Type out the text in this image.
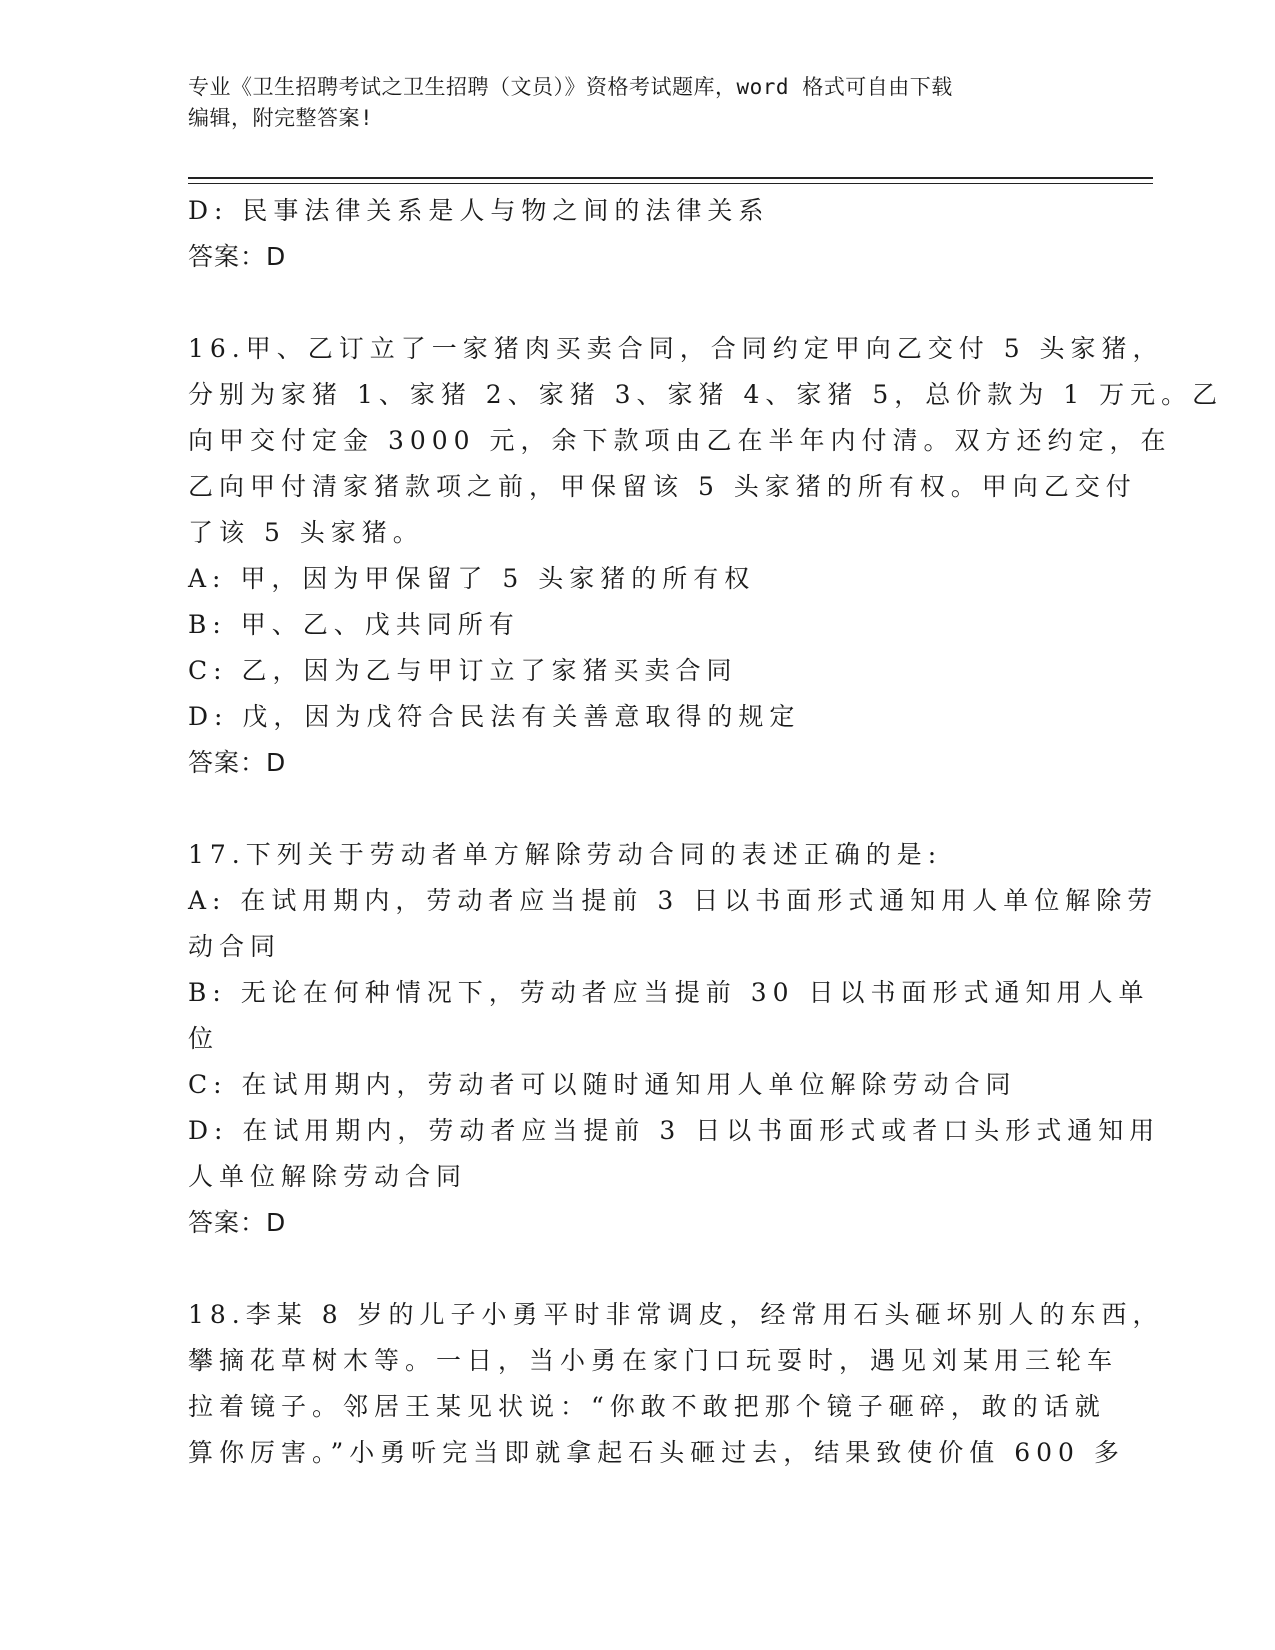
专业《卫生招聘考试之卫生招聘（文员）》资格考试题库，word 格式可自由下载
编辑，附完整答案!
D: 民事法律关系是人与物之间的法律关系
答案：D
16.甲、乙订立了一家猪肉买卖合同，合同约定甲向乙交付 5 头家猪，
分别为家猪 1、家猪 2、家猪 3、家猪 4、家猪 5，总价款为 1 万元。乙
向甲交付定金 3000 元，余下款项由乙在半年内付清。双方还约定，在
乙向甲付清家猪款项之前，甲保留该 5 头家猪的所有权。甲向乙交付
了该 5 头家猪。
A: 甲，因为甲保留了 5 头家猪的所有权
B: 甲、乙、戊共同所有
C: 乙，因为乙与甲订立了家猪买卖合同
D: 戊，因为戊符合民法有关善意取得的规定
答案：D
17.下列关于劳动者单方解除劳动合同的表述正确的是:
A: 在试用期内，劳动者应当提前 3 日以书面形式通知用人单位解除劳
动合同
B: 无论在何种情况下，劳动者应当提前 30 日以书面形式通知用人单
位
C: 在试用期内，劳动者可以随时通知用人单位解除劳动合同
D: 在试用期内，劳动者应当提前 3 日以书面形式或者口头形式通知用
人单位解除劳动合同
答案：D
18.李某 8 岁的儿子小勇平时非常调皮，经常用石头砸坏别人的东西，
攀摘花草树木等。一日，当小勇在家门口玩耍时，遇见刘某用三轮车
拉着镜子。邻居王某见状说：“你敢不敢把那个镜子砸碎，敢的话就
算你厉害。”小勇听完当即就拿起石头砸过去，结果致使价值 600 多
